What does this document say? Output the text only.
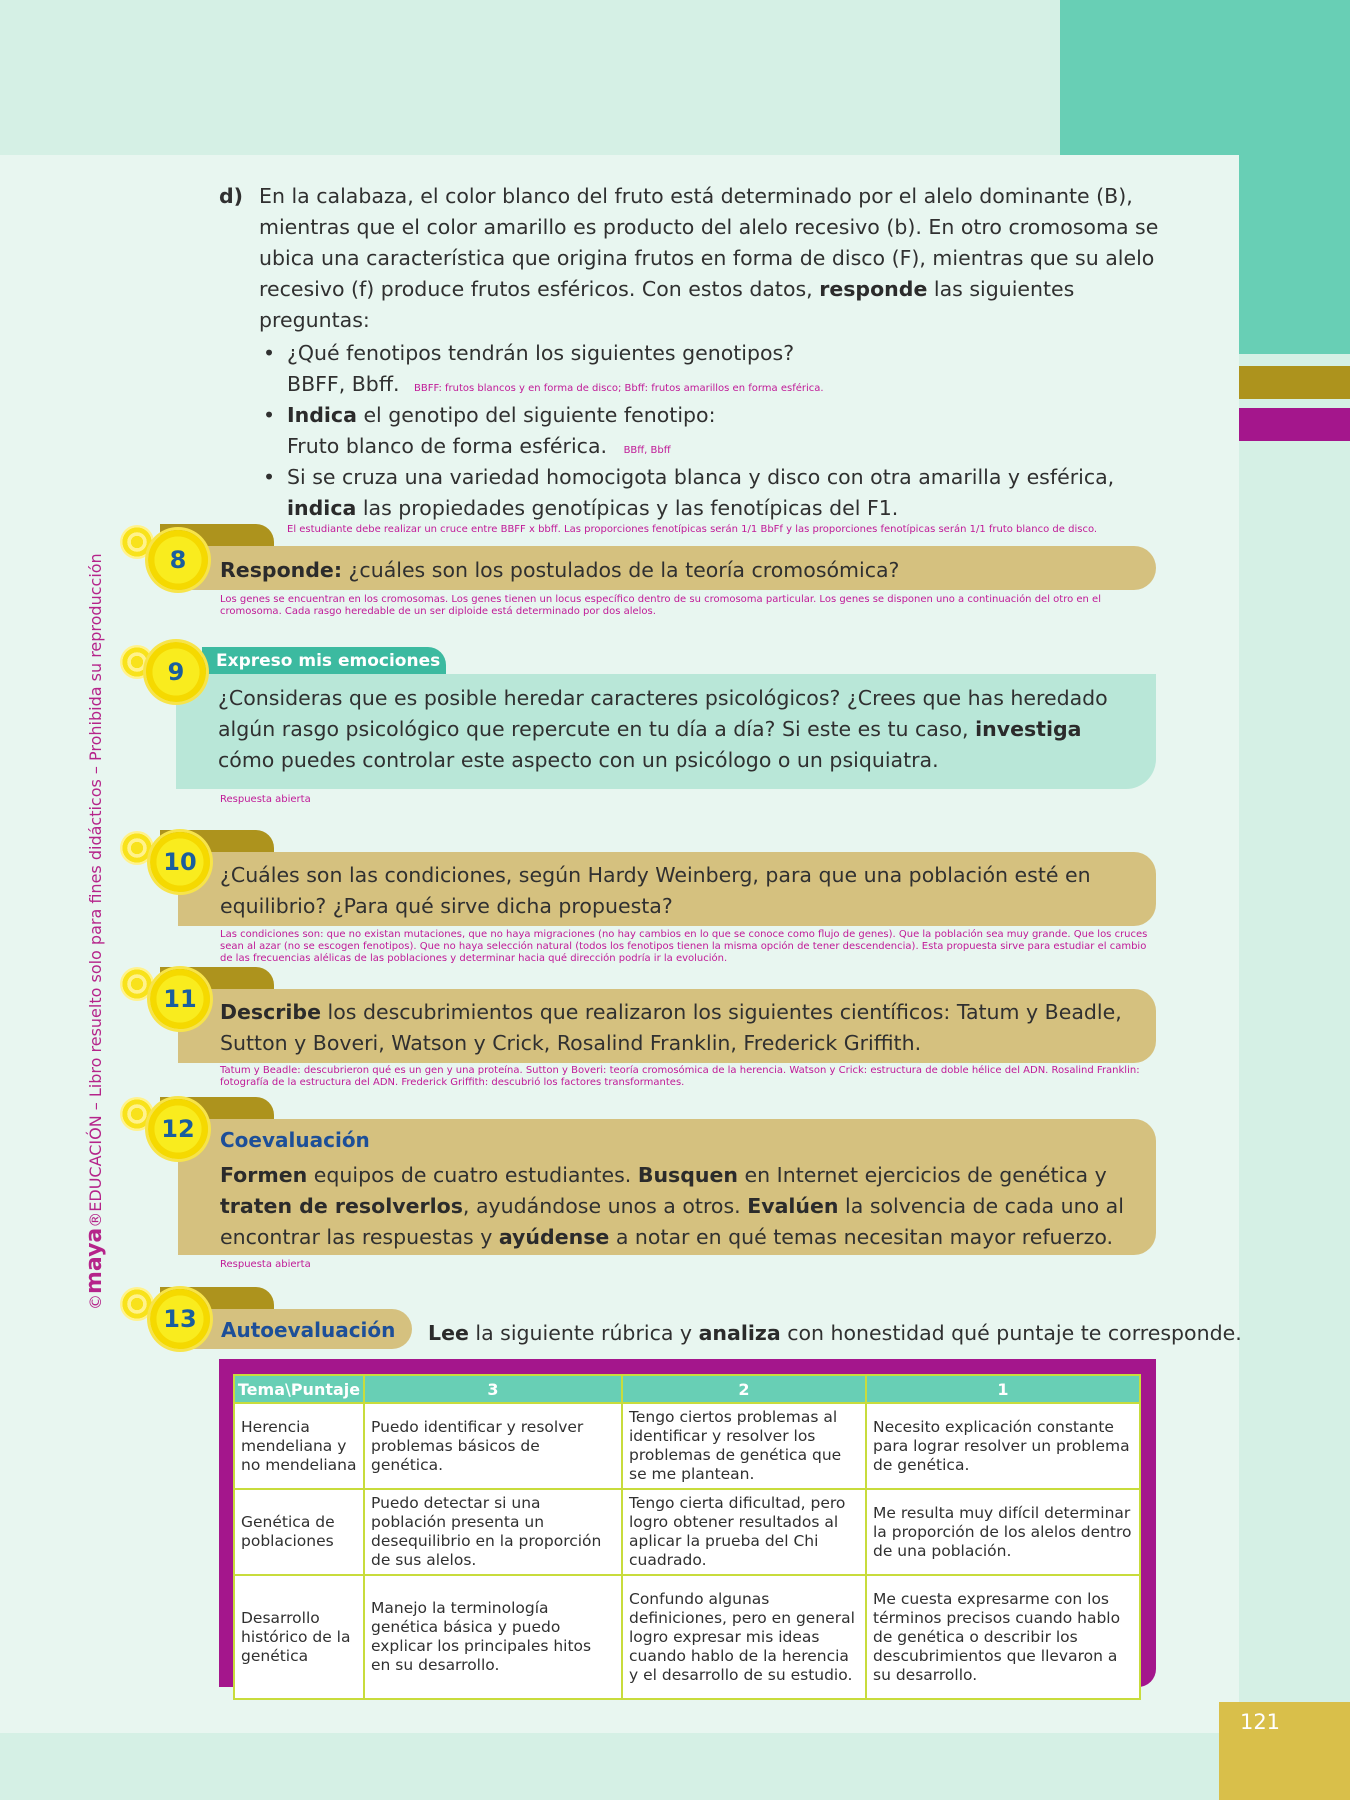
121
©maya®EDUCACIÓN – Libro resuelto solo para fines didácticos – Prohibida su reproducción
d) En la calabaza, el color blanco del fruto está determinado por el alelo dominante (B), mientras que el color amarillo es producto del alelo recesivo (b). En otro cromosoma se ubica una característica que origina frutos en forma de disco (F), mientras que su alelo recesivo (f) produce frutos esféricos. Con estos datos, responde las siguientes preguntas:
• ¿Qué fenotipos tendrán los siguientes genotipos?
BBFF, Bbff. BBFF: frutos blancos y en forma de disco; Bbff: frutos amarillos en forma esférica.
• Indica el genotipo del siguiente fenotipo:
Fruto blanco de forma esférica. BBff, Bbff
• Si se cruza una variedad homocigota blanca y disco con otra amarilla y esférica, indica las propiedades genotípicas y las fenotípicas del F1.
El estudiante debe realizar un cruce entre BBFF x bbff. Las proporciones fenotípicas serán 1/1 BbFf y las proporciones fenotípicas serán 1/1 fruto blanco de disco.
8	Responde: ¿cuáles son los postulados de la teoría cromosómica?
Los genes se encuentran en los cromosomas. Los genes tienen un locus específico dentro de su cromosoma particular. Los genes se disponen uno a continuación del otro en el cromosoma. Cada rasgo heredable de un ser diploide está determinado por dos alelos.
Expreso mis emociones
9
¿Consideras que es posible heredar caracteres psicológicos? ¿Crees que has heredado algún rasgo psicológico que repercute en tu día a día? Si este es tu caso, investiga cómo puedes controlar este aspecto con un psicólogo o un psiquiatra.
Respuesta abierta
10	¿Cuáles son las condiciones, según Hardy Weinberg, para que una población esté en equilibrio? ¿Para qué sirve dicha propuesta?
Las condiciones son: que no existan mutaciones, que no haya migraciones (no hay cambios en lo que se conoce como flujo de genes). Que la población sea muy grande. Que los cruces sean al azar (no se escogen fenotipos). Que no haya selección natural (todos los fenotipos tienen la misma opción de tener descendencia). Esta propuesta sirve para estudiar el cambio de las frecuencias alélicas de las poblaciones y determinar hacia qué dirección podría ir la evolución.
11	Describe los descubrimientos que realizaron los siguientes científicos: Tatum y Beadle, Sutton y Boveri, Watson y Crick, Rosalind Franklin, Frederick Griffith.
Tatum y Beadle: descubrieron qué es un gen y una proteína. Sutton y Boveri: teoría cromosómica de la herencia. Watson y Crick: estructura de doble hélice del ADN. Rosalind Franklin: fotografía de la estructura del ADN. Frederick Griffith: descubrió los factores transformantes.
12	Coevaluación
Formen equipos de cuatro estudiantes. Busquen en Internet ejercicios de genética y traten de resolverlos, ayudándose unos a otros. Evalúen la solvencia de cada uno al encontrar las respuestas y ayúdense a notar en qué temas necesitan mayor refuerzo.
Respuesta abierta
13	Autoevaluación Lee la siguiente rúbrica y analiza con honestidad qué puntaje te corresponde.
Tema\Puntaje	3	2	1
Herencia mendeliana y no mendeliana	Puedo identificar y resolver problemas básicos de genética.	Tengo ciertos problemas al identificar y resolver los problemas de genética que se me plantean.	Necesito explicación constante para lograr resolver un problema de genética.
Genética de poblaciones	Puedo detectar si una población presenta un desequilibrio en la proporción de sus alelos.	Tengo cierta dificultad, pero logro obtener resultados al aplicar la prueba del Chi cuadrado.	Me resulta muy difícil determinar la proporción de los alelos dentro de una población.
Desarrollo histórico de la genética	Manejo la terminología genética básica y puedo explicar los principales hitos en su desarrollo.	Confundo algunas definiciones, pero en general logro expresar mis ideas cuando hablo de la herencia y el desarrollo de su estudio.	Me cuesta expresarme con los términos precisos cuando hablo de genética o describir los descubrimientos que llevaron a su desarrollo.
